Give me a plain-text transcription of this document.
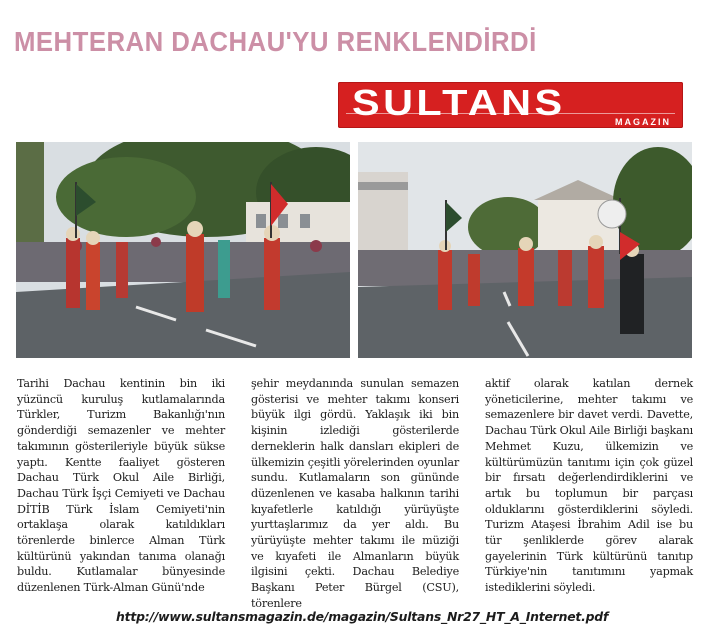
MEHTERAN DACHAU'YU RENKLENDİRDİ
SULTANS	MAGAZIN

Tarihi Dachau kentinin bin iki yüzüncü kuruluş kutlamalarında Türkler, Turizm Bakanlığı'nın gönderdiği semazenler ve mehter takımının gösterileriyle büyük sükse yaptı. Kentte faaliyet gösteren Dachau Türk Okul Aile Birliği, Dachau Türk İşçi Cemiyeti ve Dachau DİTİB Türk İslam Cemiyeti'nin ortaklaşa olarak katıldıkları törenlerde binlerce Alman Türk kültürünü yakından tanıma olanağı buldu. Kutlamalar bünyesinde düzenlenen Türk-Alman Günü'nde

şehir meydanında sunulan semazen gösterisi ve mehter takımı konseri büyük ilgi gördü. Yaklaşık iki bin kişinin izlediği gösterilerde derneklerin halk dansları ekipleri de ülkemizin çeşitli yörelerinden oyunlar sundu. Kutlamaların son gününde düzenlenen ve kasaba halkının tarihi kıyafetlerle katıldığı yürüyüşte yurttaşlarımız da yer aldı. Bu yürüyüşte mehter takımı ile müziği ve kıyafeti ile Almanların büyük ilgisini çekti. Dachau Belediye Başkanı Peter Bürgel (CSU), törenlere

aktif olarak katılan dernek yöneticilerine, mehter takımı ve semazenlere bir davet verdi. Davette, Dachau Türk Okul Aile Birliği başkanı Mehmet Kuzu, ülkemizin ve kültürümüzün tanıtımı için çok güzel bir fırsatı değerlendirdiklerini ve artık bu toplumun bir parçası olduklarını gösterdiklerini söyledi. Turizm Ataşesi İbrahim Adil ise bu tür şenliklerde görev alarak gayelerinin Türk kültürünü tanıtıp Türkiye'nin tanıtımını yapmak istediklerini söyledi.

http://www.sultansmagazin.de/magazin/Sultans_Nr27_HT_A_Internet.pdf
